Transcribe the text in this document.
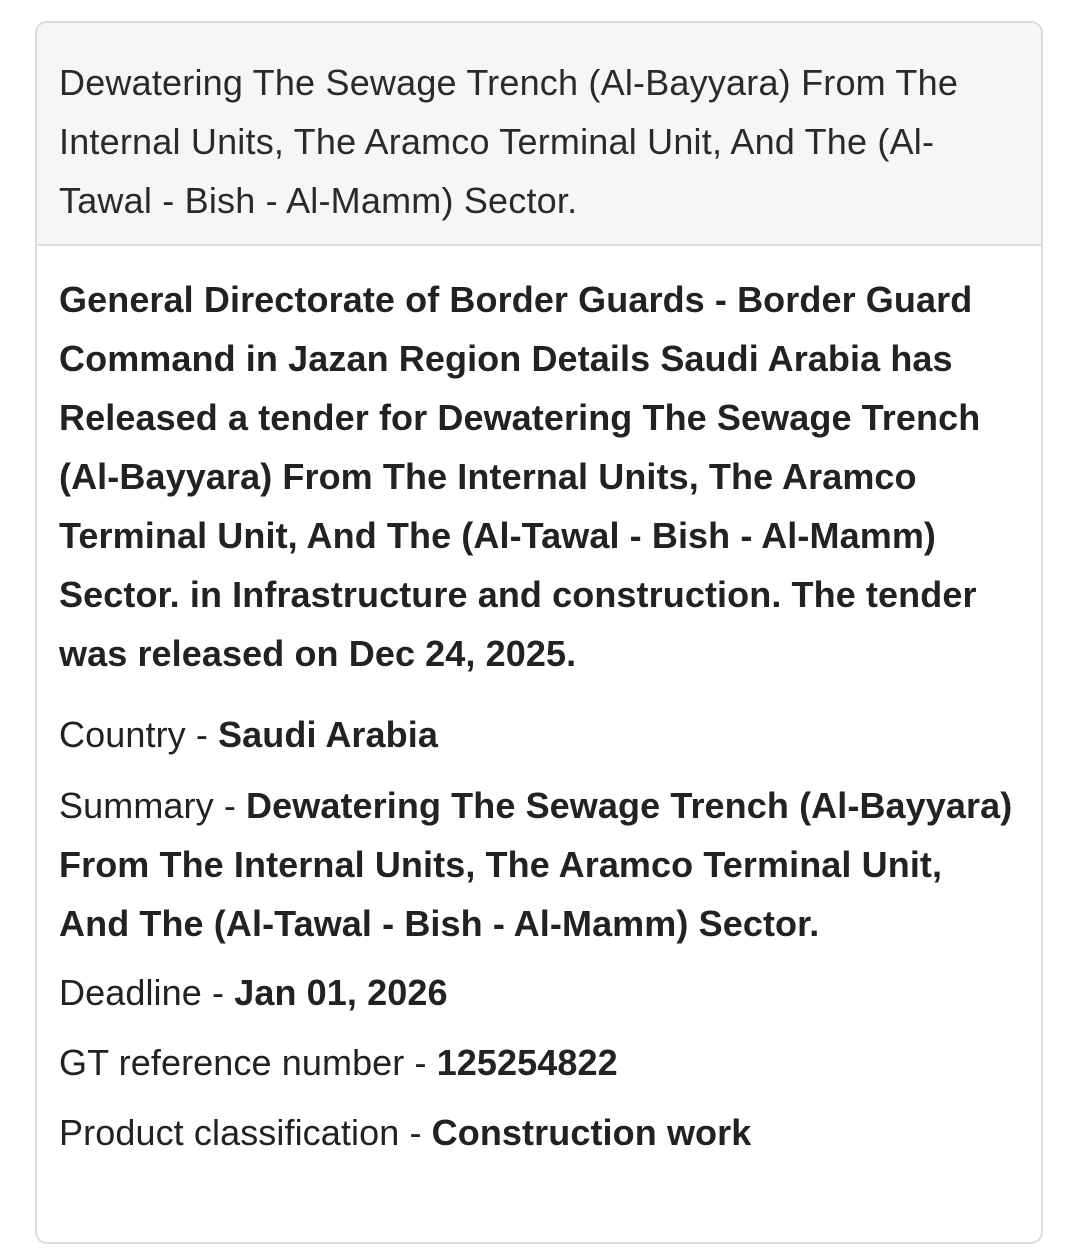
Dewatering The Sewage Trench (Al-Bayyara) From The Internal Units, The Aramco Terminal Unit, And The (Al-Tawal - Bish - Al-Mamm) Sector.

General Directorate of Border Guards - Border Guard Command in Jazan Region Details Saudi Arabia has Released a tender for Dewatering The Sewage Trench (Al-Bayyara) From The Internal Units, The Aramco Terminal Unit, And The (Al-Tawal - Bish - Al-Mamm) Sector. in Infrastructure and construction. The tender was released on Dec 24, 2025.

Country - Saudi Arabia

Summary - Dewatering The Sewage Trench (Al-Bayyara) From The Internal Units, The Aramco Terminal Unit, And The (Al-Tawal - Bish - Al-Mamm) Sector.

Deadline - Jan 01, 2026

GT reference number - 125254822

Product classification - Construction work
